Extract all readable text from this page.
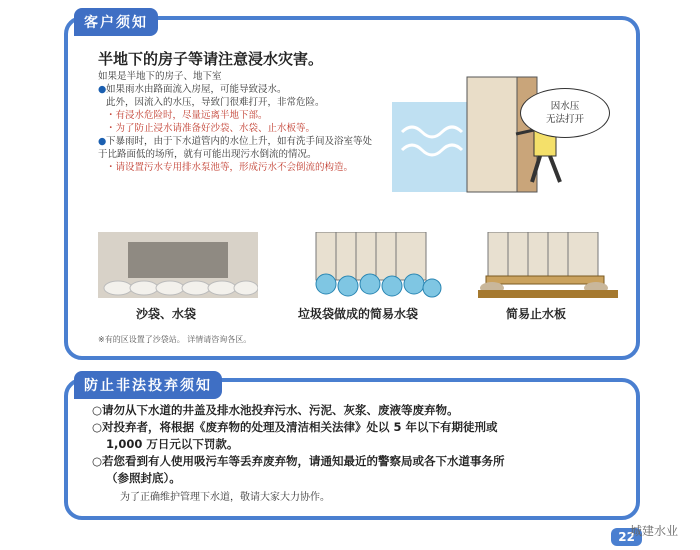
客户须知
半地下的房子等请注意浸水灾害。
如果是半地下的房子、地下室
●如果雨水由路面流入房屋，可能导致浸水。
此外，因流入的水压，导致门很难打开，非常危险。
・有浸水危险时，尽量远离半地下部。
・为了防止浸水请准备好沙袋、水袋、止水板等。
●下暴雨时，由于下水道管内的水位上升，如有洗手间及浴室等处于比路面低的场所，就有可能出现污水倒流的情况。
・请设置污水专用排水泵池等，形成污水不会倒流的构造。
因水压
无法打开
沙袋、水袋	垃圾袋做成的简易水袋	简易止水板
※有的区设置了沙袋站。 详情请咨询各区。
防止非法投弃须知
○请勿从下水道的井盖及排水池投弃污水、污泥、灰浆、废液等废弃物。
○对投弃者，将根据《废弃物的处理及清洁相关法律》处以 5 年以下有期徒刑或
1,000 万日元以下罚款。
○若您看到有人使用吸污车等丢弃废弃物，请通知最近的警察局或各下水道事务所
（参照封底）。
为了正确维护管理下水道，敬请大家大力协作。
22
城建水业
